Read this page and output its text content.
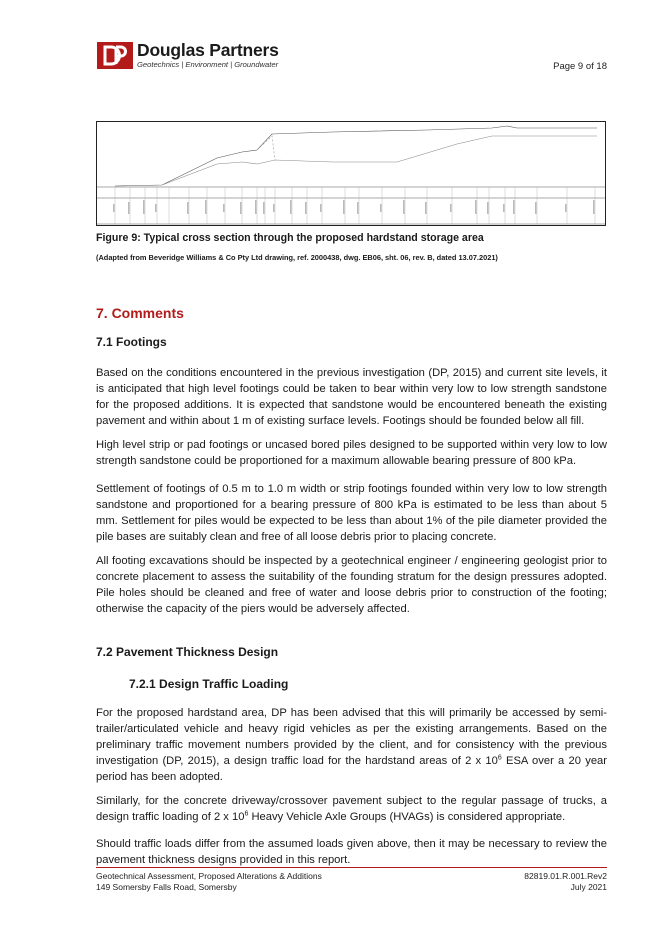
Douglas Partners
Geotechnics | Environment | Groundwater	Page 9 of 18
Figure 9: Typical cross section through the proposed hardstand storage area
(Adapted from Beveridge Williams & Co Pty Ltd drawing, ref. 2000438, dwg. EB06, sht. 06, rev. B, dated 13.07.2021)
7. Comments
7.1 Footings
Based on the conditions encountered in the previous investigation (DP, 2015) and current site levels, it is anticipated that high level footings could be taken to bear within very low to low strength sandstone for the proposed additions. It is expected that sandstone would be encountered beneath the existing pavement and within about 1 m of existing surface levels. Footings should be founded below all fill.
High level strip or pad footings or uncased bored piles designed to be supported within very low to low strength sandstone could be proportioned for a maximum allowable bearing pressure of 800 kPa.
Settlement of footings of 0.5 m to 1.0 m width or strip footings founded within very low to low strength sandstone and proportioned for a bearing pressure of 800 kPa is estimated to be less than about 5 mm. Settlement for piles would be expected to be less than about 1% of the pile diameter provided the pile bases are suitably clean and free of all loose debris prior to placing concrete.
All footing excavations should be inspected by a geotechnical engineer / engineering geologist prior to concrete placement to assess the suitability of the founding stratum for the design pressures adopted. Pile holes should be cleaned and free of water and loose debris prior to construction of the footing; otherwise the capacity of the piers would be adversely affected.
7.2 Pavement Thickness Design
7.2.1 Design Traffic Loading
For the proposed hardstand area, DP has been advised that this will primarily be accessed by semi-trailer/articulated vehicle and heavy rigid vehicles as per the existing arrangements. Based on the preliminary traffic movement numbers provided by the client, and for consistency with the previous investigation (DP, 2015), a design traffic load for the hardstand areas of 2 x $10^6$ ESA over a 20 year period has been adopted.
Similarly, for the concrete driveway/crossover pavement subject to the regular passage of trucks, a design traffic loading of 2 x $10^6$ Heavy Vehicle Axle Groups (HVAGs) is considered appropriate.
Should traffic loads differ from the assumed loads given above, then it may be necessary to review the pavement thickness designs provided in this report.
Geotechnical Assessment, Proposed Alterations & Additions
149 Somersby Falls Road, Somersby
82819.01.R.001.Rev2
July 2021
